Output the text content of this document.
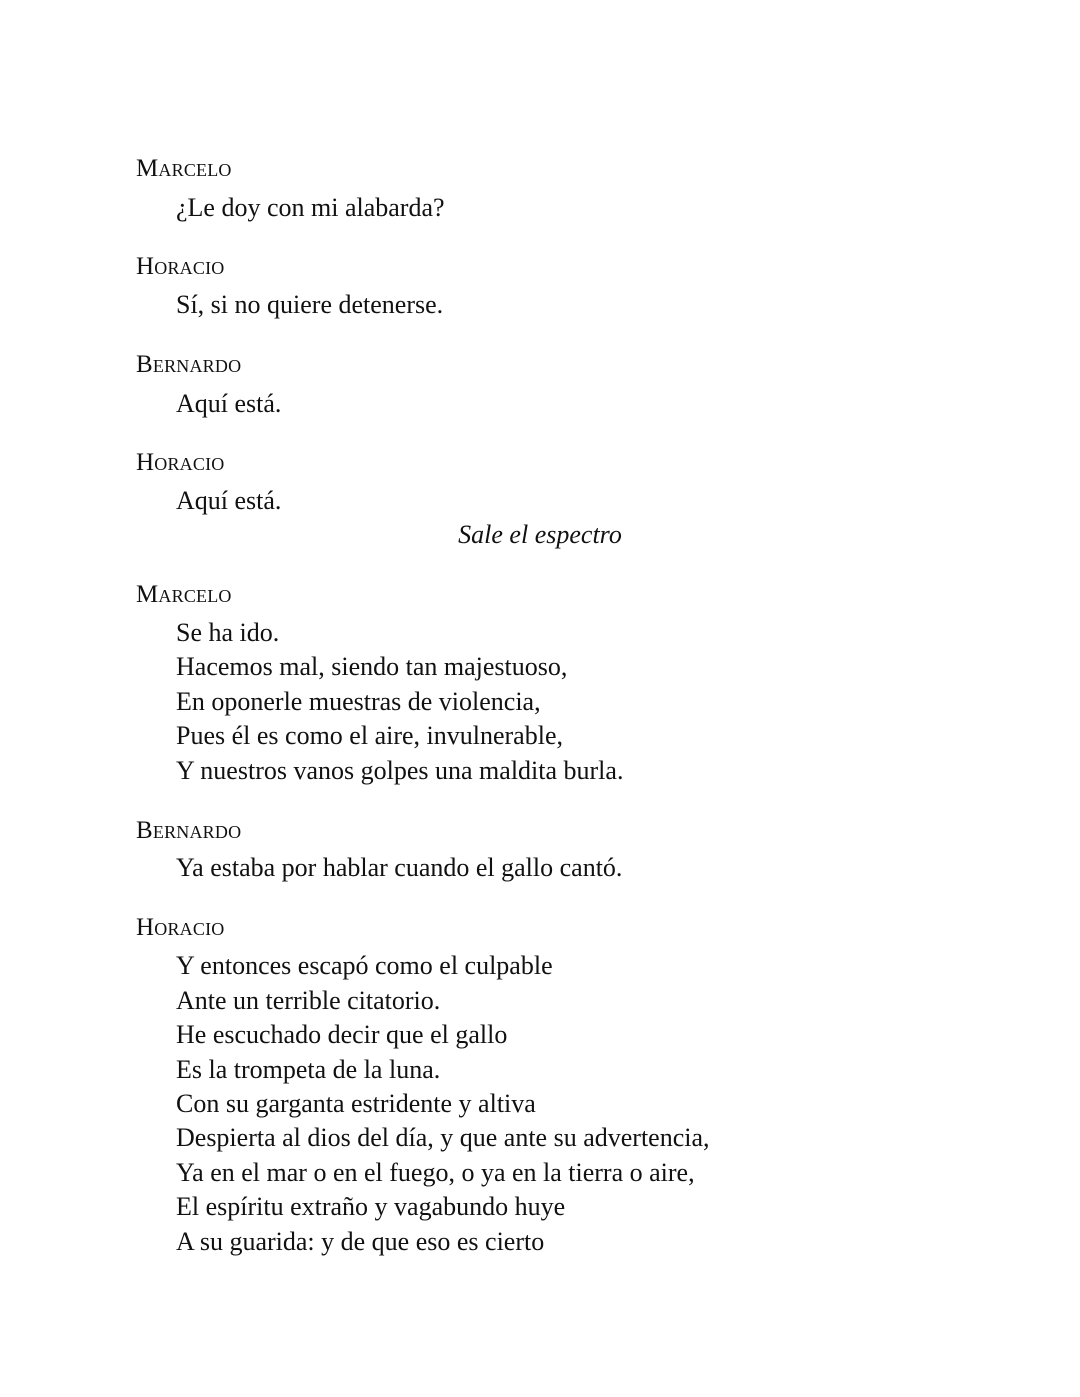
Marcelo
¿Le doy con mi alabarda?
Horacio
Sí, si no quiere detenerse.
Bernardo
Aquí está.
Horacio
Aquí está.
Sale el espectro
Marcelo
Se ha ido.
Hacemos mal, siendo tan majestuoso,
En oponerle muestras de violencia,
Pues él es como el aire, invulnerable,
Y nuestros vanos golpes una maldita burla.
Bernardo
Ya estaba por hablar cuando el gallo cantó.
Horacio
Y entonces escapó como el culpable
Ante un terrible citatorio.
He escuchado decir que el gallo
Es la trompeta de la luna.
Con su garganta estridente y altiva
Despierta al dios del día, y que ante su advertencia,
Ya en el mar o en el fuego, o ya en la tierra o aire,
El espíritu extraño y vagabundo huye
A su guarida: y de que eso es cierto
